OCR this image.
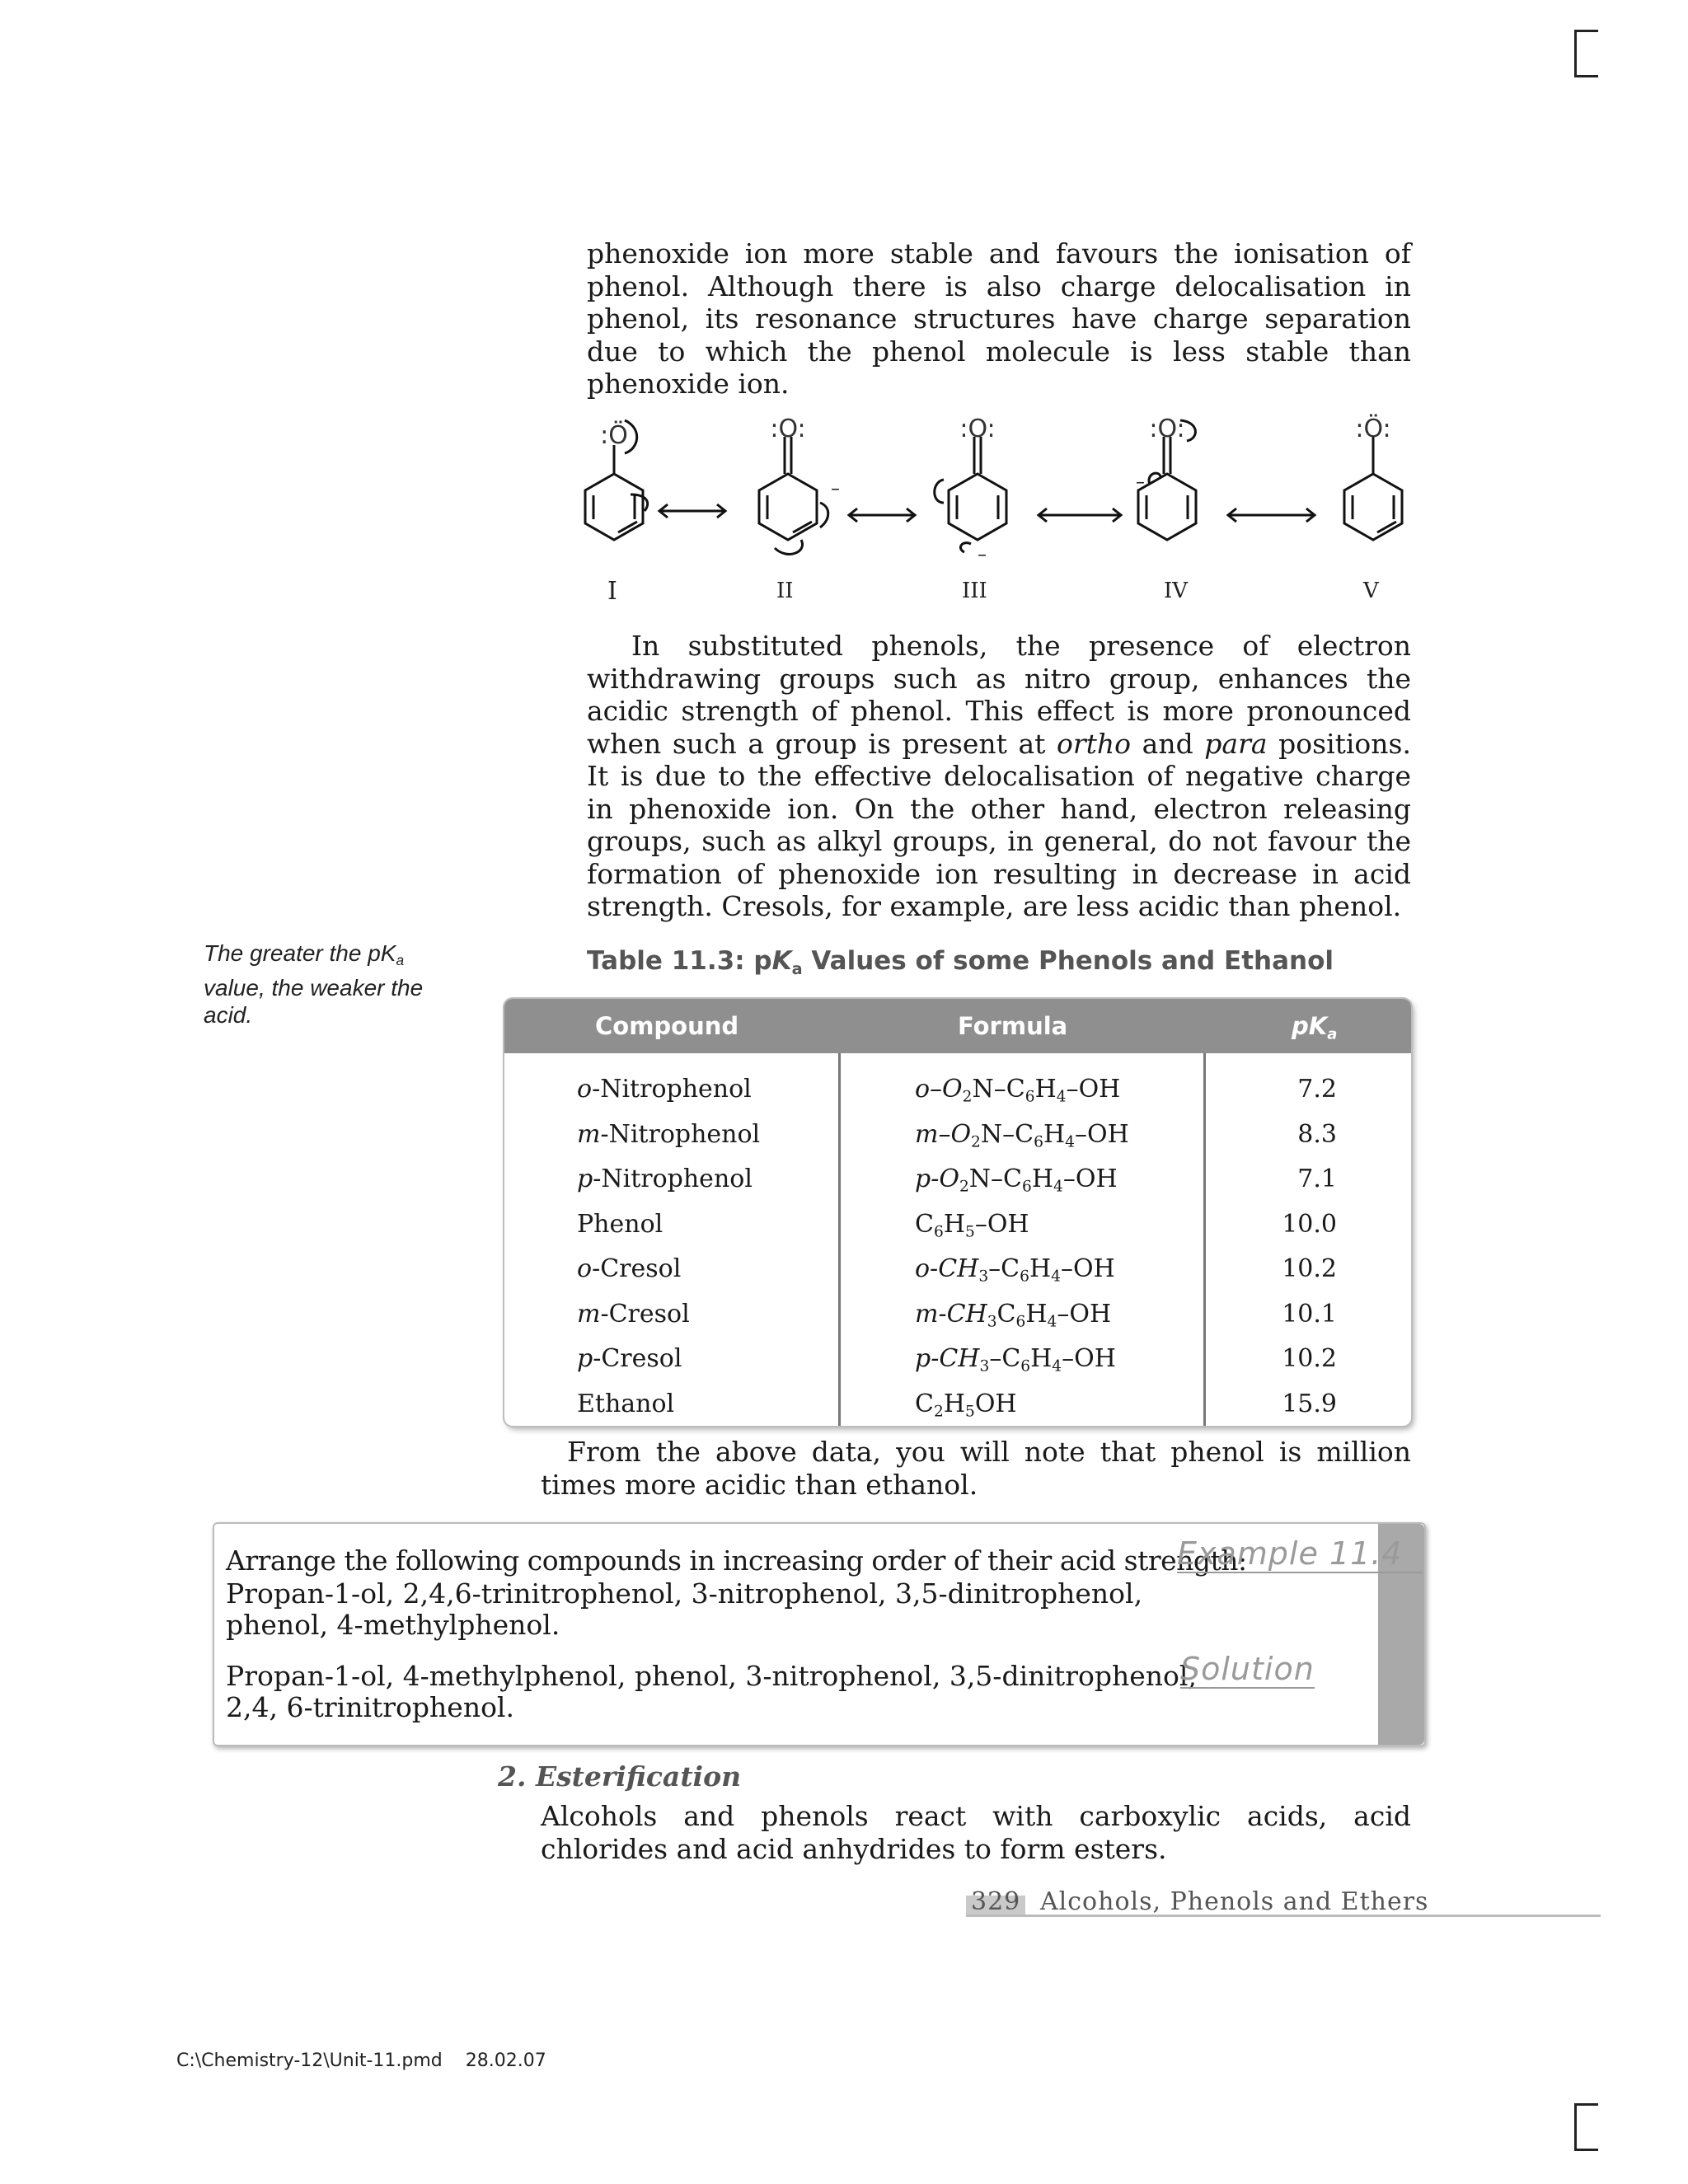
phenoxide ion more stable and favours the ionisation of phenol. Although there is also charge delocalisation in phenol, its resonance structures have charge separation due to which the phenol molecule is less stable than phenoxide ion.

:Ö	:O:	:O:	:O:	:Ö:
–
–
–
I	II	III	IV	V

In substituted phenols, the presence of electron withdrawing groups such as nitro group, enhances the acidic strength of phenol. This effect is more pronounced when such a group is present at ortho and para positions. It is due to the effective delocalisation of negative charge in phenoxide ion. On the other hand, electron releasing groups, such as alkyl groups, in general, do not favour the formation of phenoxide ion resulting in decrease in acid strength. Cresols, for example, are less acidic than phenol.

The greater the $pK_a$ value, the weaker the acid.
Table 11.3: $pK_a$ Values of some Phenols and Ethanol
Compound	Formula	$pK_a$
o-Nitrophenol	$o-O_2N-C_6H_4-OH$	7.2
m-Nitrophenol	$m-O_2N-C_6H_4-OH$	8.3
p-Nitrophenol	$p-O_2N-C_6H_4-OH$	7.1
Phenol	$C_6H_5-OH$	10.0
o-Cresol	$o-CH_3-C_6H_4-OH$	10.2
m-Cresol	$m-CH_3C_6H_4-OH$	10.1
p-Cresol	$p-CH_3-C_6H_4-OH$	10.2
Ethanol	$C_2H_5OH$	15.9

From the above data, you will note that phenol is million times more acidic than ethanol.

Arrange the following compounds in increasing order of their acid strength:
Propan-1-ol, 2,4,6-trinitrophenol, 3-nitrophenol, 3,5-dinitrophenol,
phenol, 4-methylphenol.
Example 11.4
Propan-1-ol, 4-methylphenol, phenol, 3-nitrophenol, 3,5-dinitrophenol,
2,4, 6-trinitrophenol.
Solution
2. Esterification

Alcohols and phenols react with carboxylic acids, acid chlorides and acid anhydrides to form esters.

329 Alcohols, Phenols and Ethers
C:\Chemistry-12\Unit-11.pmd 28.02.07
